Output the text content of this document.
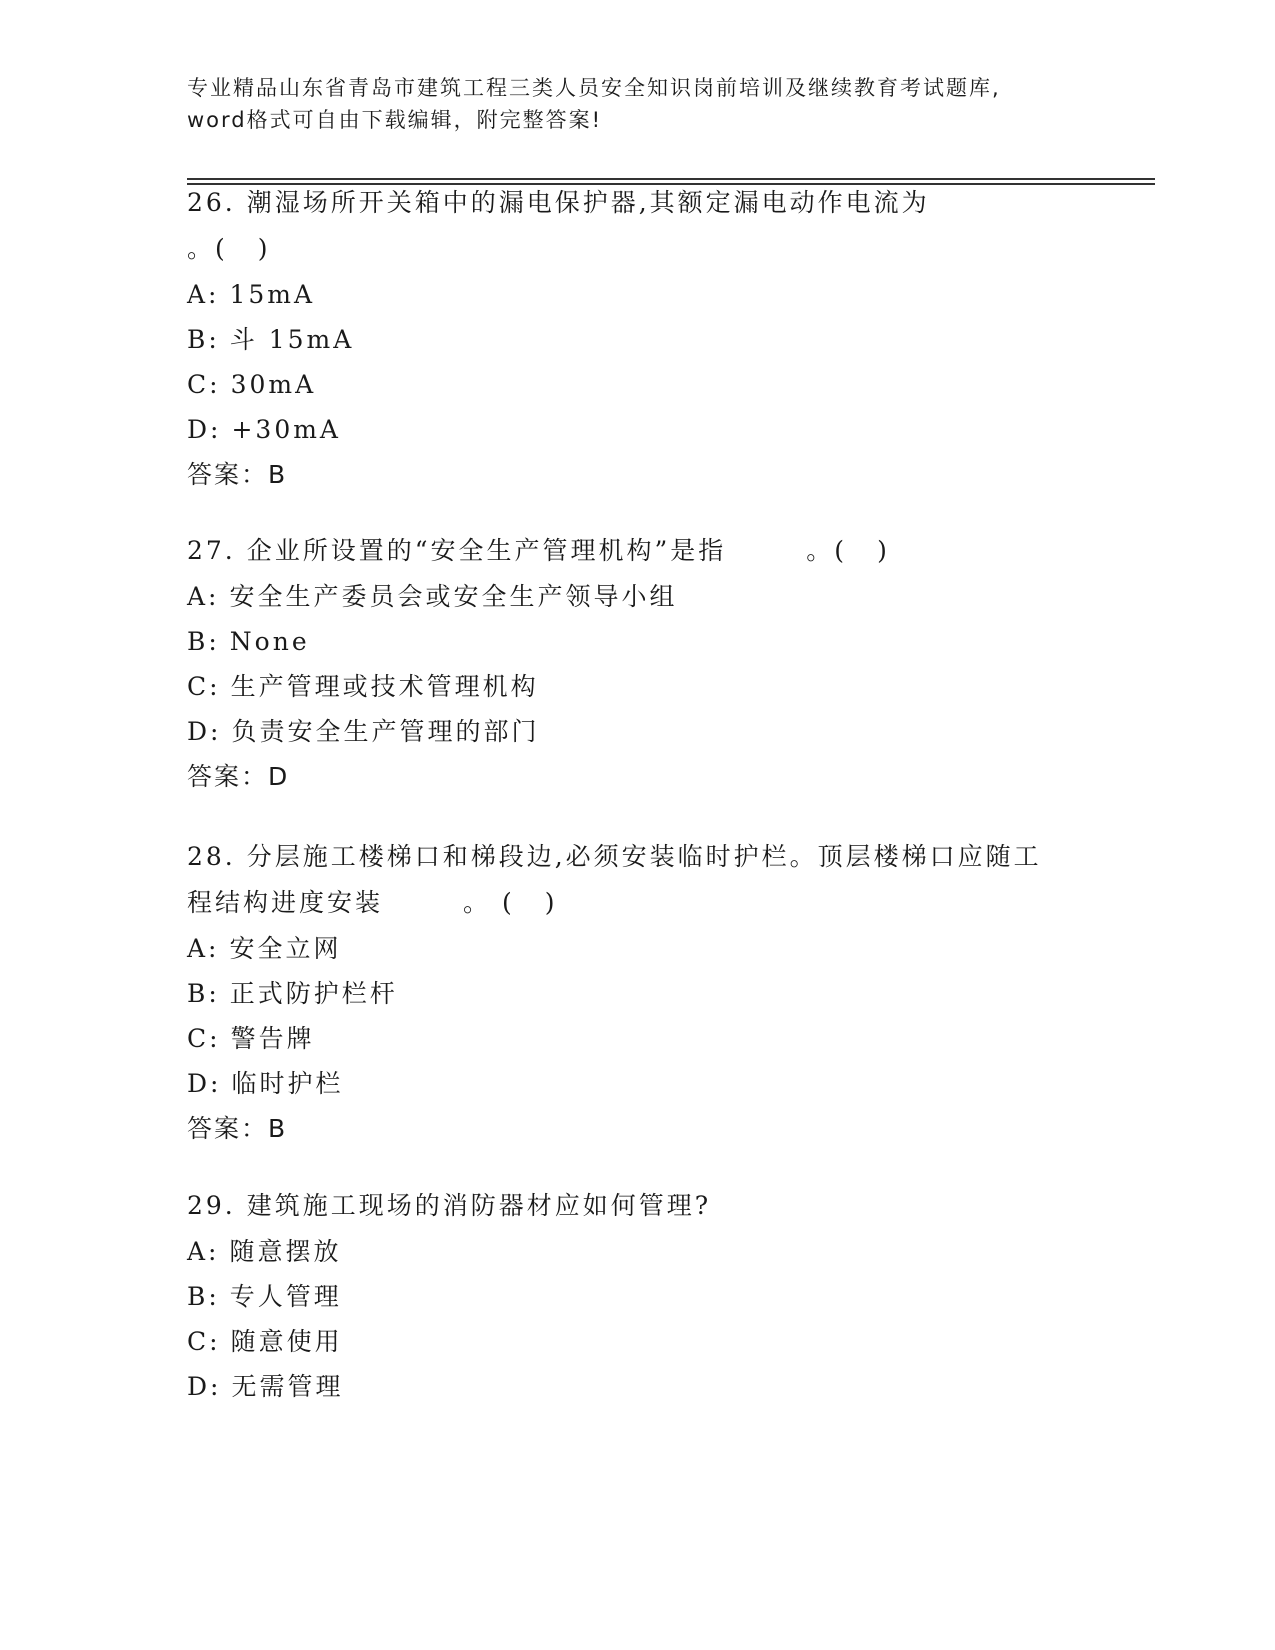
专业精品山东省青岛市建筑工程三类人员安全知识岗前培训及继续教育考试题库,
word格式可自由下载编辑，附完整答案!
26. 潮湿场所开关箱中的漏电保护器,其额定漏电动作电流为
。( )
A: 15mA
B: 斗 15mA
C: 30mA
D: +30mA
答案：B
27. 企业所设置的“安全生产管理机构”是指	。( )
A: 安全生产委员会或安全生产领导小组
B: None
C: 生产管理或技术管理机构
D: 负责安全生产管理的部门
答案：D
28. 分层施工楼梯口和梯段边,必须安装临时护栏。顶层楼梯口应随工
程结构进度安装	。 ( )
A: 安全立网
B: 正式防护栏杆
C: 警告牌
D: 临时护栏
答案：B
29. 建筑施工现场的消防器材应如何管理?
A: 随意摆放
B: 专人管理
C: 随意使用
D: 无需管理
